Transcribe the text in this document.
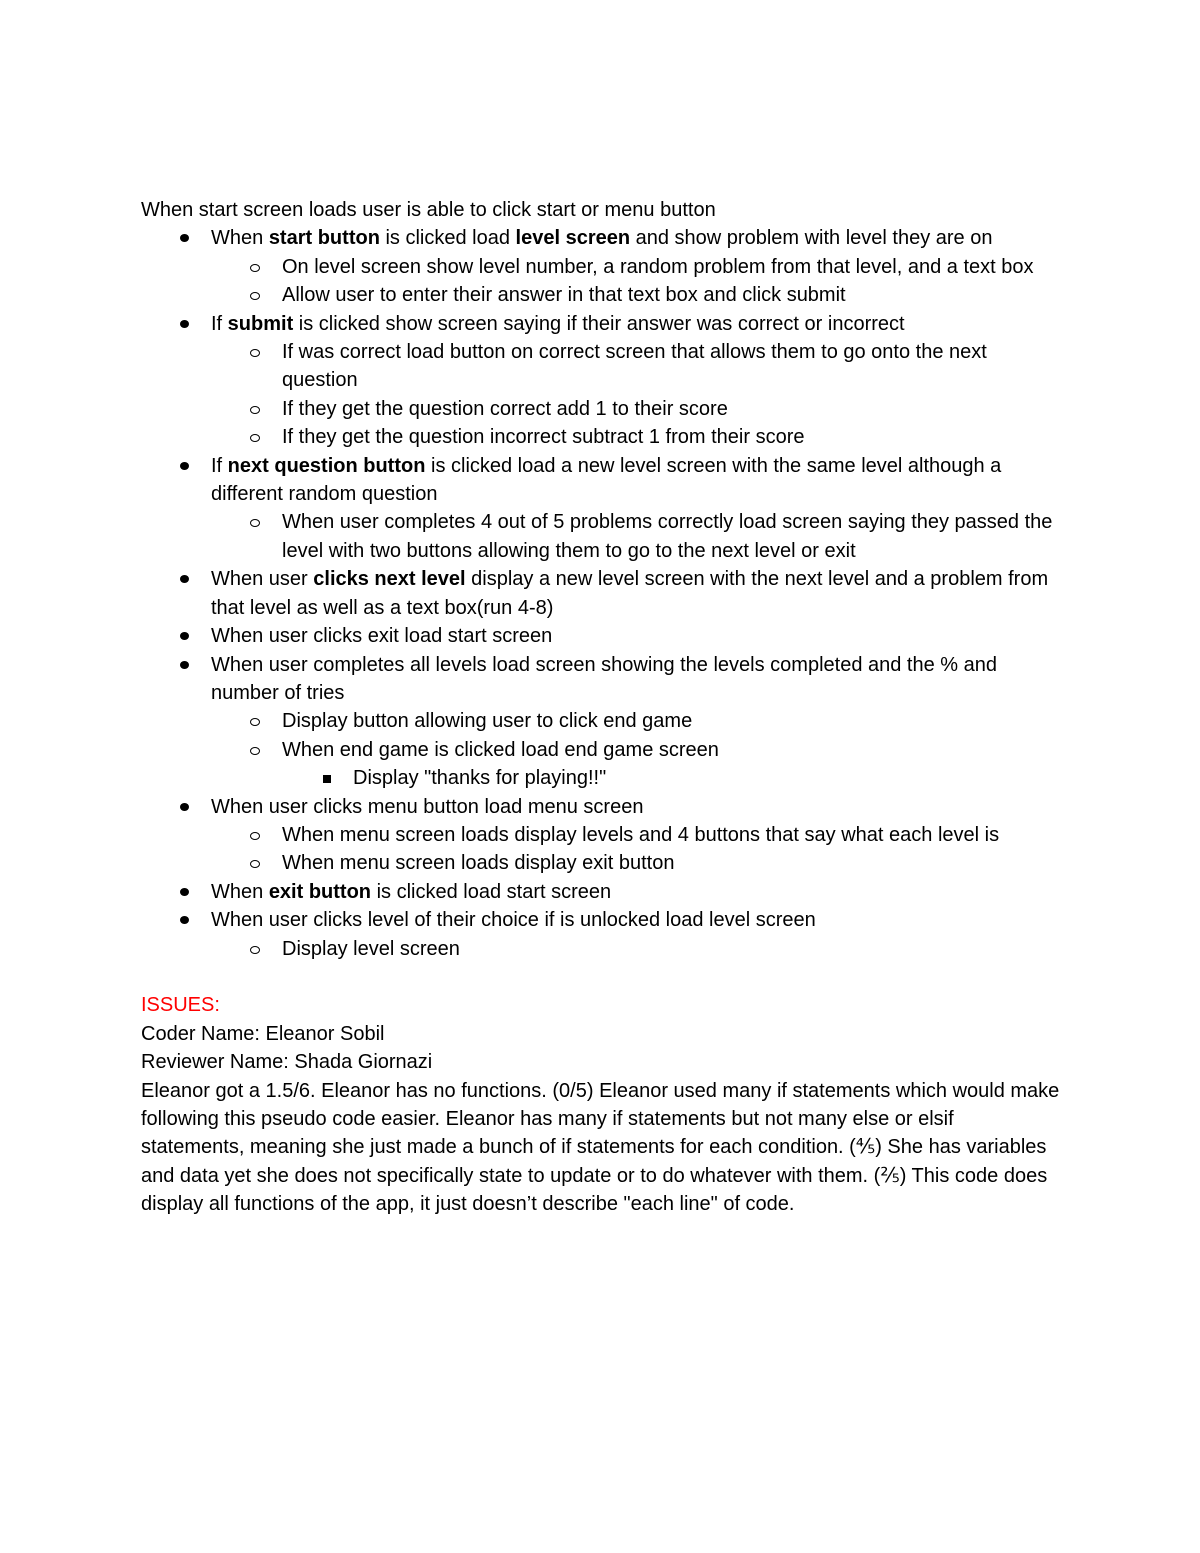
When start screen loads user is able to click start or menu button

When start button is clicked load level screen and show problem with level they are on
On level screen show level number, a random problem from that level, and a text box
Allow user to enter their answer in that text box and click submit
If submit is clicked show screen saying if their answer was correct or incorrect
If was correct load button on correct screen that allows them to go onto the next question
If they get the question correct add 1 to their score
If they get the question incorrect subtract 1 from their score
If next question button is clicked load a new level screen with the same level although a different random question
When user completes 4 out of 5 problems correctly load screen saying they passed the level with two buttons allowing them to go to the next level or exit
When user clicks next level display a new level screen with the next level and a problem from that level as well as a text box(run 4-8)
When user clicks exit load start screen
When user completes all levels load screen showing the levels completed and the % and number of tries
Display button allowing user to click end game
When end game is clicked load end game screen
Display "thanks for playing!!"
When user clicks menu button load menu screen
When menu screen loads display levels and 4 buttons that say what each level is
When menu screen loads display exit button
When exit button is clicked load start screen
When user clicks level of their choice if is unlocked load level screen
Display level screen

ISSUES:

Coder Name: Eleanor Sobil

Reviewer Name: Shada Giornazi

Eleanor got a 1.5/6. Eleanor has no functions. (0/5) Eleanor used many if statements which would make following this pseudo code easier. Eleanor has many if statements but not many else or elsif statements, meaning she just made a bunch of if statements for each condition. (⅘) She has variables and data yet she does not specifically state to update or to do whatever with them. (⅖) This code does display all functions of the app, it just doesn’t describe "each line" of code.
